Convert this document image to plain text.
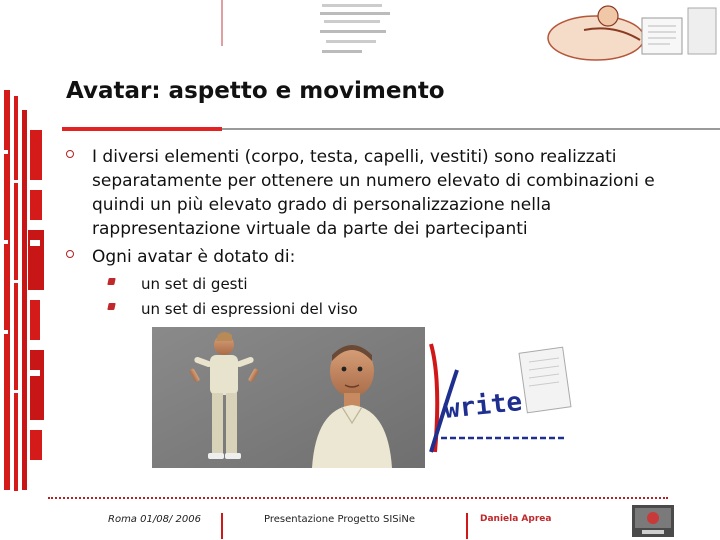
Avatar: aspetto e movimento
I diversi elementi (corpo, testa, capelli, vestiti) sono realizzati separatamente per ottenere un numero elevato di combinazioni e quindi un più elevato grado di personalizzazione nella rappresentazione virtuale da parte dei partecipanti
Ogni avatar è dotato di:
un set di gesti
un set di espressioni del viso
write
Roma 01/08/ 2006	Presentazione Progetto SISiNe	Daniela Aprea
